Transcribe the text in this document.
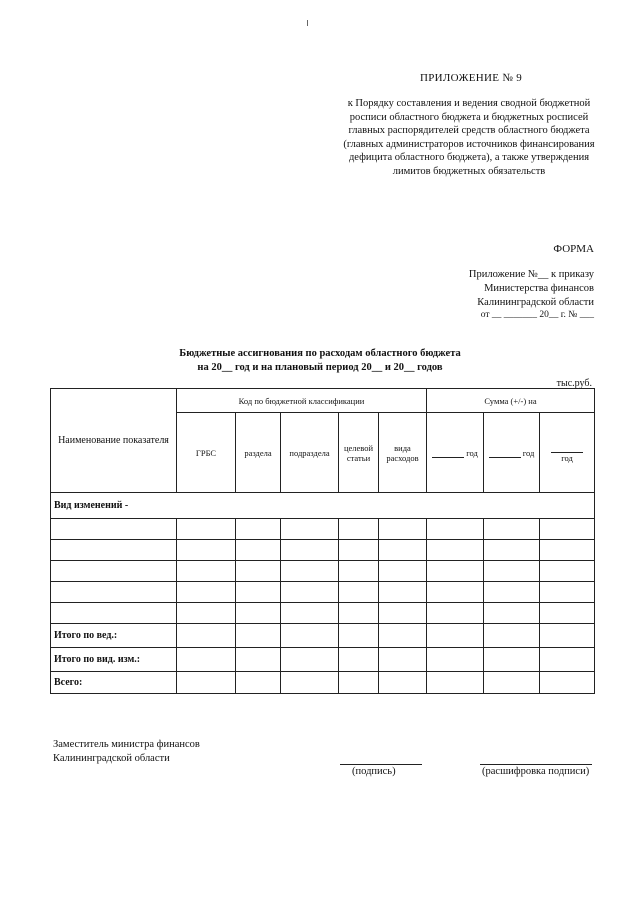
ПРИЛОЖЕНИЕ № 9
к Порядку составления и ведения сводной бюджетной росписи областного бюджета и бюджетных росписей главных распорядителей средств областного бюджета (главных администраторов источников финансирования дефицита областного бюджета), а также утверждения лимитов бюджетных обязательств
ФОРМА
Приложение №__ к приказу
Министерства финансов
Калининградской области
от __ _______ 20__ г. № ___
Бюджетные ассигнования по расходам областного бюджета
на 20__ год и на плановый период 20__ и 20__ годов
тыс.руб.
Наименование показателя	Код по бюджетной классификации					Сумма (+/-) на		
	ГРБС	раздела	подраздела	целевой статьи	вида расходов	год	год	год
Вид изменений -								

Итого по вед.:								
Итого по вид. изм.:								
Всего:								
Заместитель министра финансов
Калининградской области
(подпись)	(расшифровка подписи)
